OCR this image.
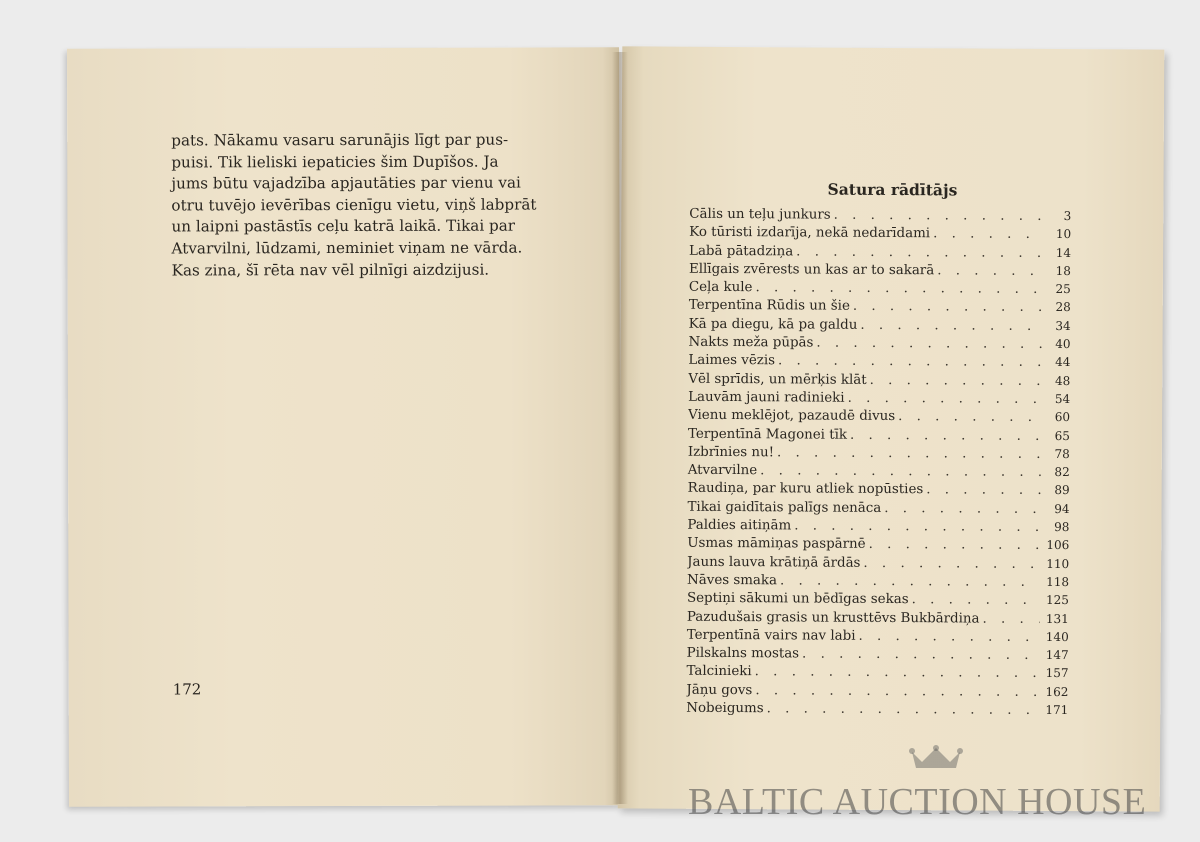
pats. Nākamu vasaru sarunājis līgt par pus-

puisi. Tik lieliski iepaticies šim Dupīšos. Ja

jums būtu vajadzība apjautāties par vienu vai

otru tuvējo ievērības cienīgu vietu, viņš labprāt

un laipni pastāstīs ceļu katrā laikā. Tikai par

Atvarvilni, lūdzami, neminiet viņam ne vārda.

Kas zina, šī rēta nav vēl pilnīgi aizdzijusi.

172
Satura rādītājs
Cālis un teļu junkurs . . .	3
Ko tūristi izdarīja, nekā nedarīdami . . .	10
Labā pātadziņa . . .	14
Ellīgais zvērests un kas ar to sakarā . . .	18
Ceļa kule . . .	25
Terpentīna Rūdis un šie . . .	28
Kā pa diegu, kā pa galdu . . .	34
Nakts meža pūpās . . .	40
Laimes vēzis . . .	44
Vēl sprīdis, un mērķis klāt . . .	48
Lauvām jauni radinieki . . .	54
Vienu meklējot, pazaudē divus . . .	60
Terpentīnā Magonei tīk . . .	65
Izbrīnies nu! . . .	78
Atvarvilne . . .	82
Raudiņa, par kuru atliek nopūsties . . .	89
Tikai gaidītais palīgs nenāca . . .	94
Paldies aitiņām . . .	98
Usmas māmiņas paspārnē . . .	106
Jauns lauva krātiņā ārdās . . .	110
Nāves smaka . . .	118
Septiņi sākumi un bēdīgas sekas . . .	125
Pazudušais grasis un krusttēvs Bukbārdiņa . . .	131
Terpentīnā vairs nav labi . . .	140
Pilskalns mostas . . .	147
Talcinieki . . .	157
Jāņu govs . . .	162
Nobeigums . . .	171
BALTIC AUCTION HOUSE
